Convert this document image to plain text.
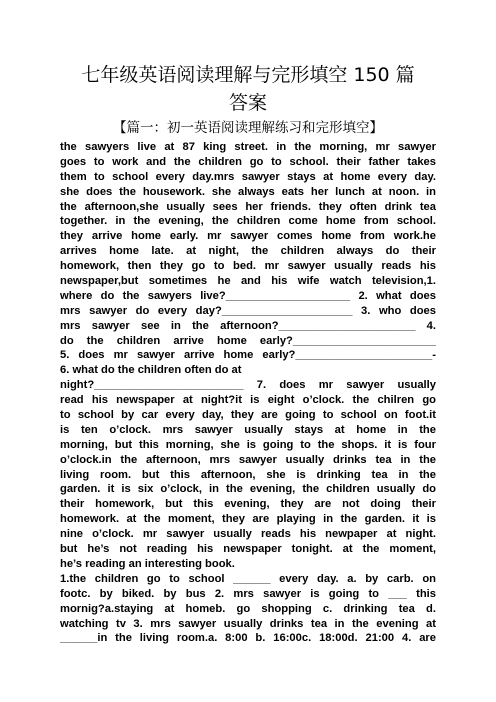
七年级英语阅读理解与完形填空 150 篇
答案
【篇一：初一英语阅读理解练习和完形填空】
the sawyers live at 87 king street. in the morning, mr sawyer
goes to work and the children go to school. their father takes
them to school every day.mrs sawyer stays at home every day.
she does the housework. she always eats her lunch at noon. in
the afternoon,she usually sees her friends. they often drink tea
together. in the evening, the children come home from school.
they arrive home early. mr sawyer comes home from work.he
arrives home late. at night, the children always do their
homework, then they go to bed. mr sawyer usually reads his
newspaper,but sometimes he and his wife watch television,1.
where do the sawyers live?____________________ 2. what does
mrs sawyer do every day?_____________________ 3. who does
mrs sawyer see in the afternoon?______________________ 4.
do the children arrive home early?_______________________
5. does mr sawyer arrive home early?______________________-
6. what do the children often do at
night?________________________ 7. does mr sawyer usually
read his newspaper at night?it is eight o’clock. the chilren go
to school by car every day, they are going to school on foot.it
is ten o’clock. mrs sawyer usually stays at home in the
morning, but this morning, she is going to the shops. it is four
o’clock.in the afternoon, mrs sawyer usually drinks tea in the
living room. but this afternoon, she is drinking tea in the
garden. it is six o’clock, in the evening, the children usually do
their homework, but this evening, they are not doing their
homework. at the moment, they are playing in the garden. it is
nine o’clock. mr sawyer usually reads his newpaper at night.
but he’s not reading his newspaper tonight. at the moment,
he’s reading an interesting book.
1.the children go to school ______ every day. a. by carb. on
footc. by biked. by bus 2. mrs sawyer is going to ___ this
mornig?a.staying at homeb. go shopping c. drinking tea d.
watching tv 3. mrs sawyer usually drinks tea in the evening at
______in the living room.a. 8:00 b. 16:00c. 18:00d. 21:00 4. are
